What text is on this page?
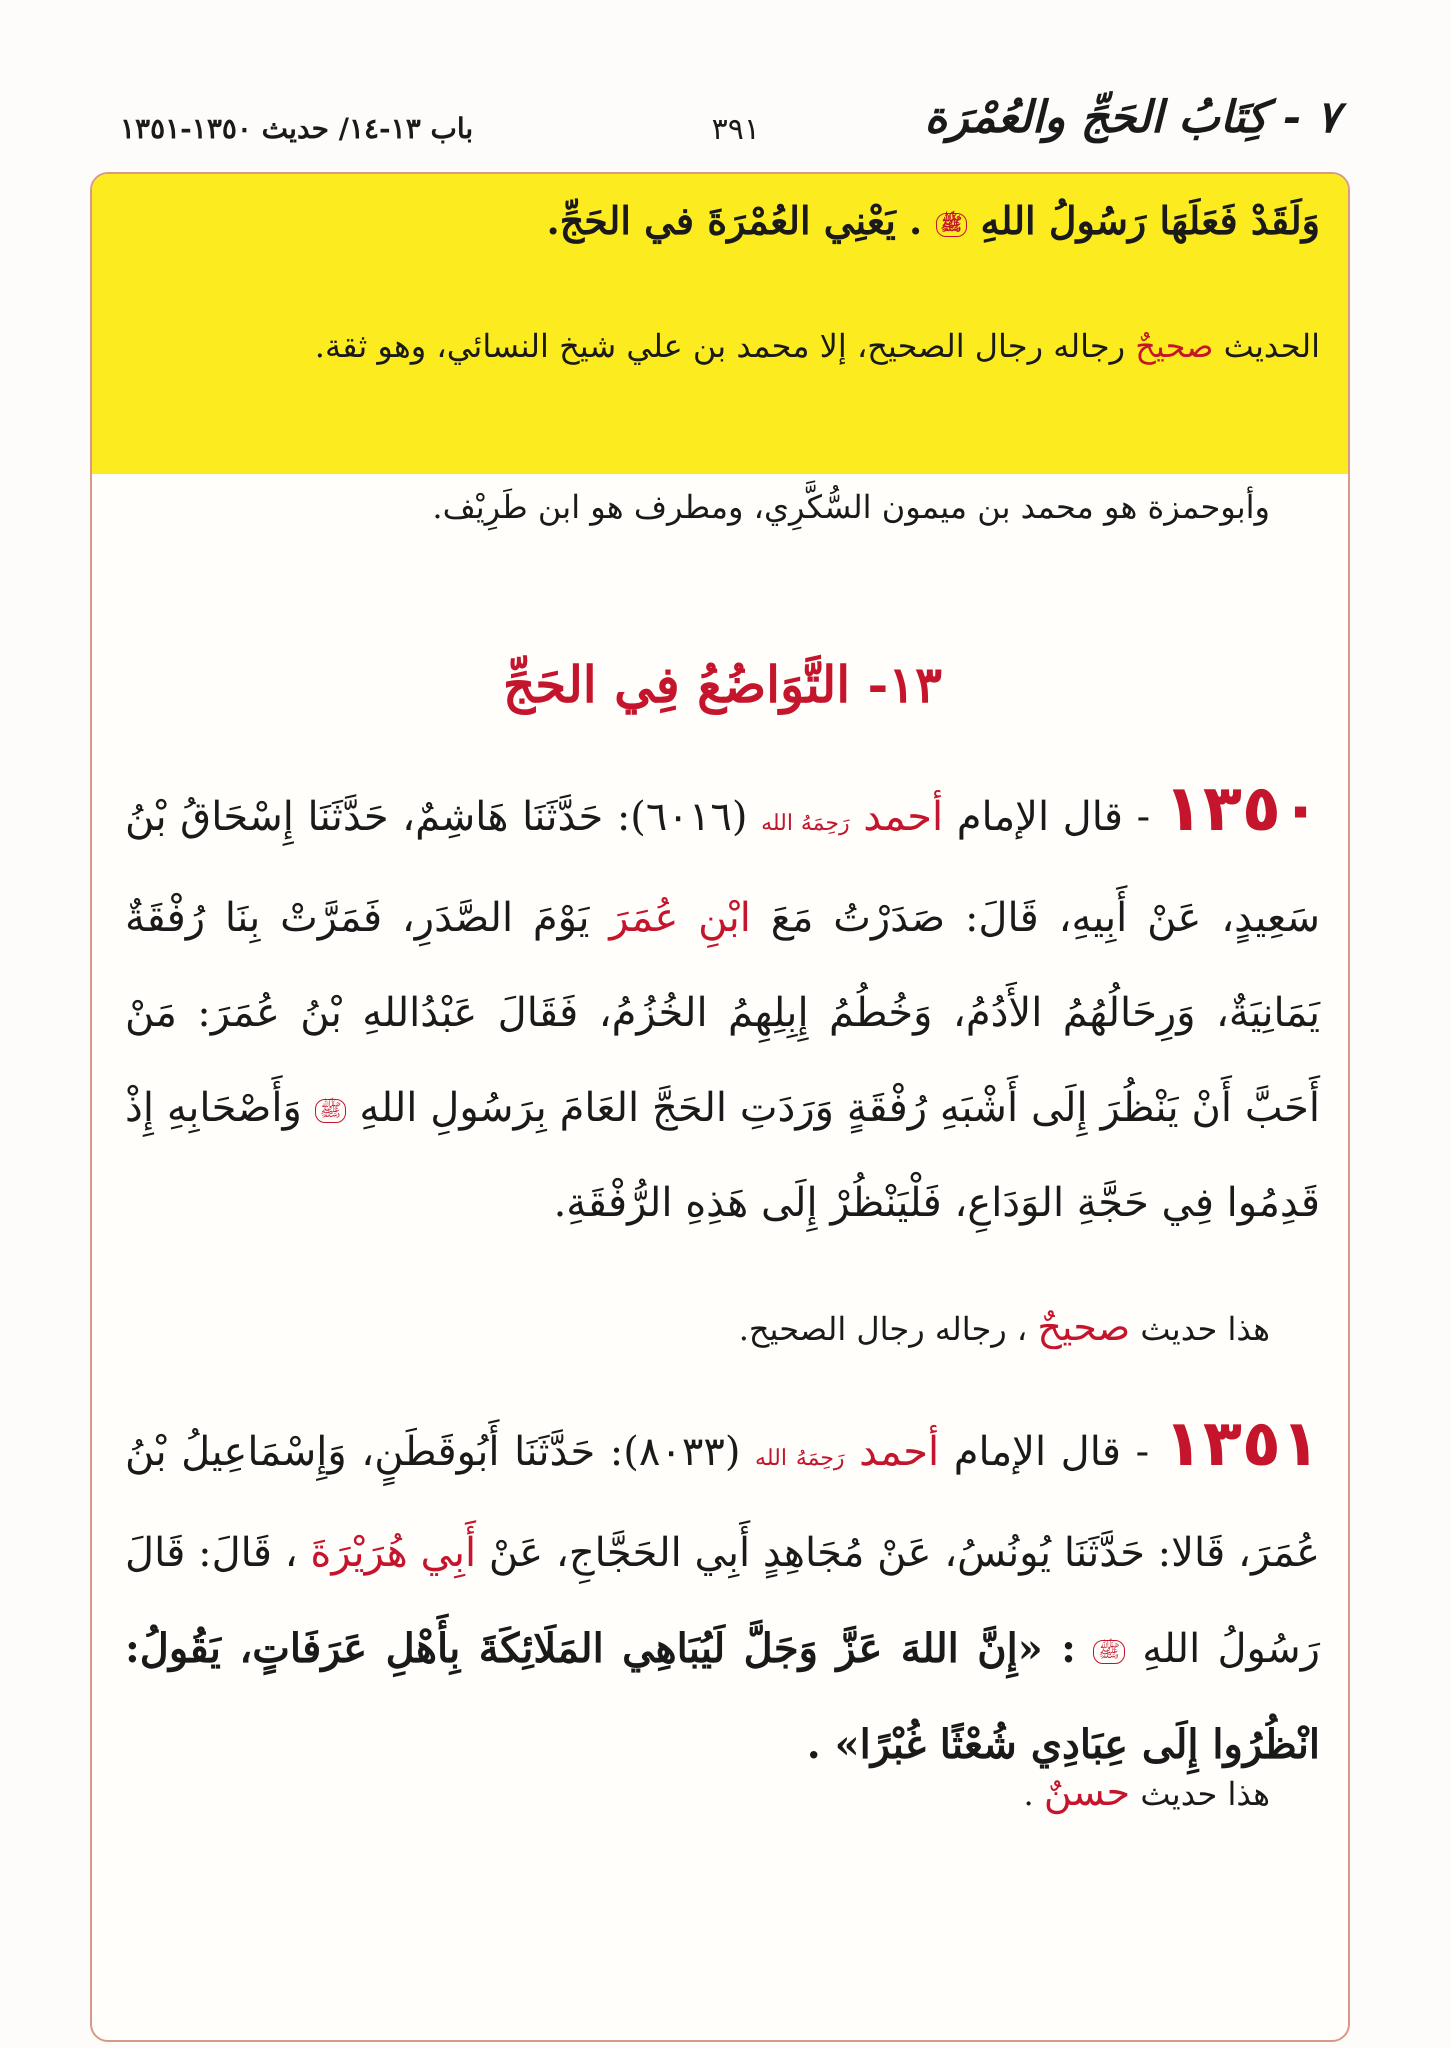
٧ - كِتَابُ الحَجِّ والعُمْرَة
٣٩١
باب ١٣-١٤/ حديث ١٣٥٠-١٣٥١
وَلَقَدْ فَعَلَهَا رَسُولُ اللهِ ﷺ . يَعْنِي العُمْرَةَ في الحَجِّ.
الحديث صحيحٌ رجاله رجال الصحيح، إلا محمد بن علي شيخ النسائي، وهو ثقة.
وأبوحمزة هو محمد بن ميمون السُّكَّرِي، ومطرف هو ابن طَرِيْف.
١٣- التَّوَاضُعُ فِي الحَجِّ
١٣٥٠ - قال الإمام أحمد رَحِمَهُ الله (٦٠١٦): حَدَّثَنَا هَاشِمٌ، حَدَّثَنَا إِسْحَاقُ بْنُ سَعِيدٍ، عَنْ أَبِيهِ، قَالَ: صَدَرْتُ مَعَ ابْنِ عُمَرَ يَوْمَ الصَّدَرِ، فَمَرَّتْ بِنَا رُفْقَةٌ يَمَانِيَةٌ، وَرِحَالُهُمُ الأَدُمُ، وَخُطُمُ إِبِلِهِمُ الخُزُمُ، فَقَالَ عَبْدُاللهِ بْنُ عُمَرَ: مَنْ أَحَبَّ أَنْ يَنْظُرَ إِلَى أَشْبَهِ رُفْقَةٍ وَرَدَتِ الحَجَّ العَامَ بِرَسُولِ اللهِ ﷺ وَأَصْحَابِهِ إِذْ قَدِمُوا فِي حَجَّةِ الوَدَاعِ، فَلْيَنْظُرْ إِلَى هَذِهِ الرُّفْقَةِ.
هذا حديث صحيحٌ ، رجاله رجال الصحيح.
١٣٥١ - قال الإمام أحمد رَحِمَهُ الله (٨٠٣٣): حَدَّثَنَا أَبُوقَطَنٍ، وَإِسْمَاعِيلُ بْنُ عُمَرَ، قَالا: حَدَّثَنَا يُونُسُ، عَنْ مُجَاهِدٍ أَبِي الحَجَّاجِ، عَنْ أَبِي هُرَيْرَةَ ، قَالَ: قَالَ رَسُولُ اللهِ ﷺ : «إِنَّ اللهَ عَزَّ وَجَلَّ لَيُبَاهِي المَلَائِكَةَ بِأَهْلِ عَرَفَاتٍ، يَقُولُ: انْظُرُوا إِلَى عِبَادِي شُعْثًا غُبْرًا» .
هذا حديث حسنٌ .
